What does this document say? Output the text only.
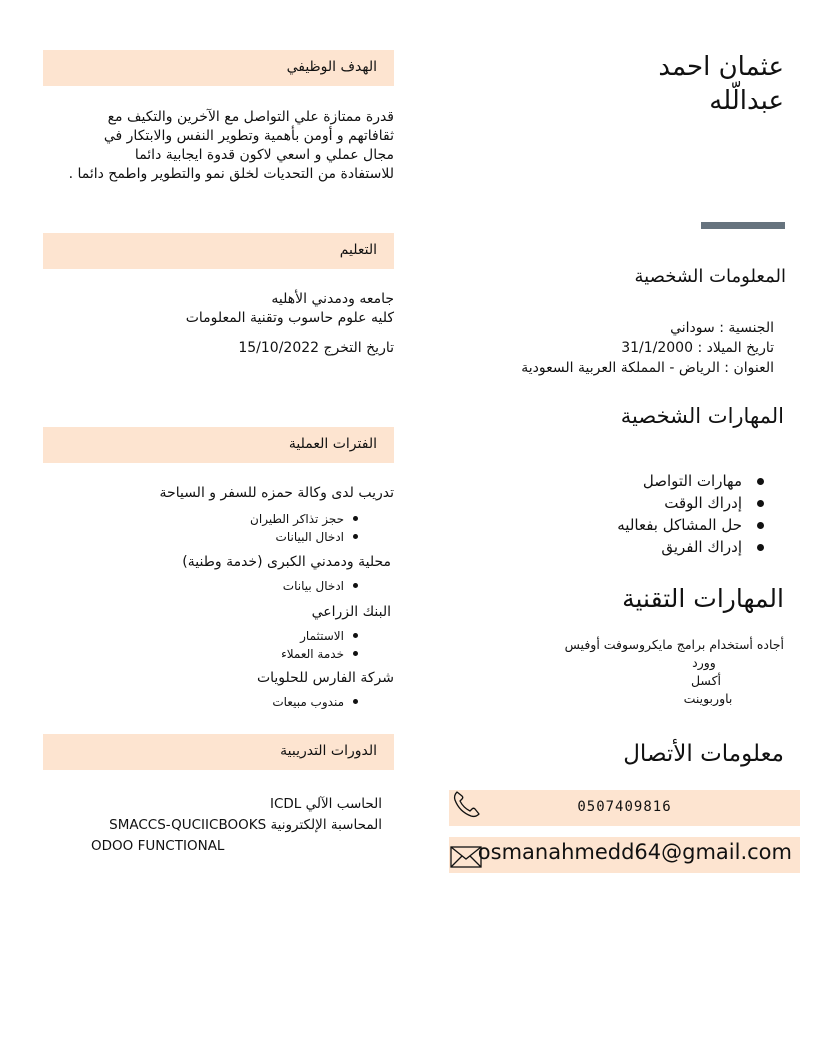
عثمان احمد
عبدالّله
المعلومات الشخصية
الجنسية : سوداني
تاريخ الميلاد : 31/1/2000
العنوان : الرياض - المملكة العربية السعودية
المهارات الشخصية
مهارات التواصل
إدراك الوقت
حل المشاكل بفعاليه
إدراك الفريق
المهارات التقنية
أجاده أستخدام برامج مايكروسوفت أوفيس
وورد
أكسل
باوربوينت
معلومات الأتصال
0507409816
osmanahmedd64@gmail.com
الهدف الوظيفي
قدرة ممتازة علي التواصل مع الآخرين والتكيف مع
ثقافاتهم و أومن بأهمية وتطوير النفس والابتكار في
مجال عملي و اسعي لاكون قدوة ايجابية دائما
للاستفادة من التحديات لخلق نمو والتطوير واطمح دائما .
التعليم
جامعه ودمدني الأهليه
كليه علوم حاسوب وتقنية المعلومات
تاريخ التخرج 15/10/2022
الفترات العملية
تدريب لدى وكالة حمزه للسفر و السياحة
حجز تذاكر الطيران
ادخال البيانات
محلية ودمدني الكبرى (خدمة وطنية)
ادخال بيانات
البنك الزراعي
الاستثمار
خدمة العملاء
شركة الفارس للحلويات
مندوب مبيعات
الدورات التدريبية
الحاسب الآلي ICDL
المحاسبة الإلكترونية SMACCS-QUCIICBOOKS
ODOO FUNCTIONAL
